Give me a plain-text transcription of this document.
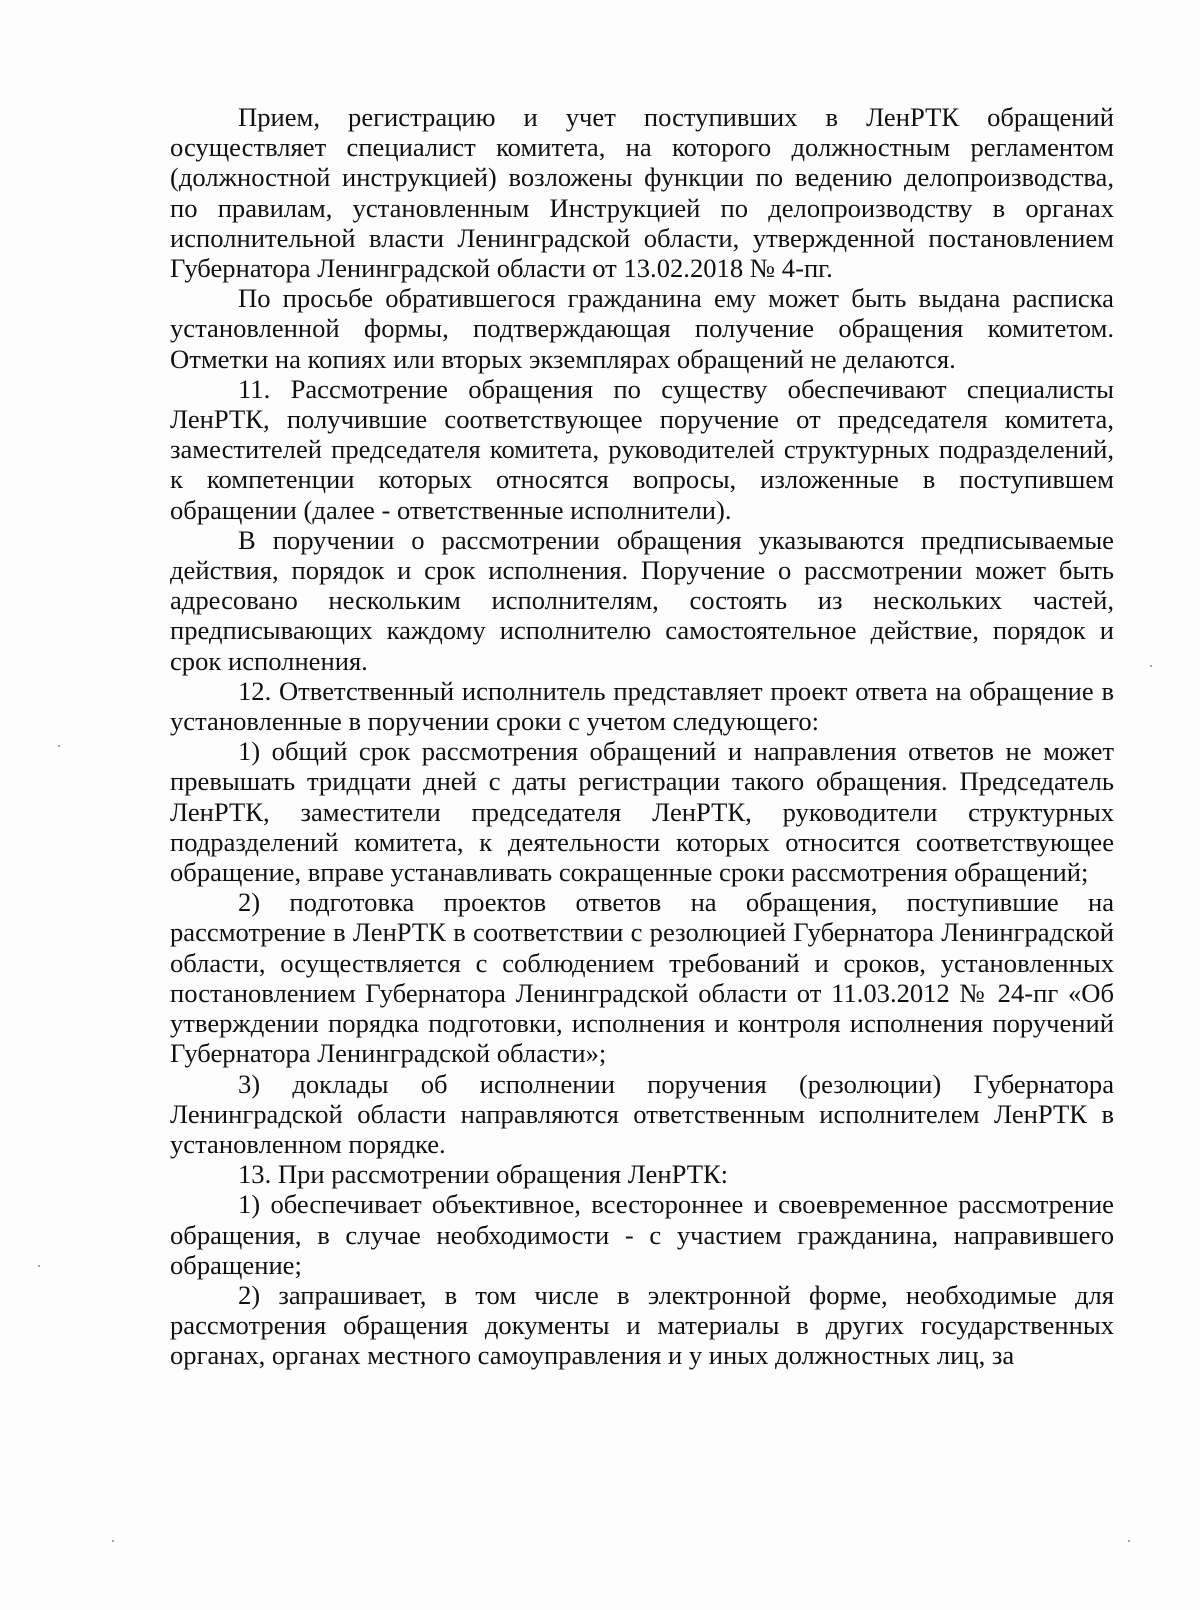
Прием, регистрацию и учет поступивших в ЛенРТК обращений осуществляет специалист комитета, на которого должностным регламентом (должностной инструкцией) возложены функции по ведению делопроизводства, по правилам, установленным Инструкцией по делопроизводству в органах исполнительной власти Ленинградской области, утвержденной постановлением Губернатора Ленинградской области от 13.02.2018 № 4-пг.

По просьбе обратившегося гражданина ему может быть выдана расписка установленной формы, подтверждающая получение обращения комитетом. Отметки на копиях или вторых экземплярах обращений не делаются.

11. Рассмотрение обращения по существу обеспечивают специалисты ЛенРТК, получившие соответствующее поручение от председателя комитета, заместителей председателя комитета, руководителей структурных подразделений, к компетенции которых относятся вопросы, изложенные в поступившем обращении (далее - ответственные исполнители).

В поручении о рассмотрении обращения указываются предписываемые действия, порядок и срок исполнения. Поручение о рассмотрении может быть адресовано нескольким исполнителям, состоять из нескольких частей, предписывающих каждому исполнителю самостоятельное действие, порядок и срок исполнения.

12. Ответственный исполнитель представляет проект ответа на обращение в установленные в поручении сроки с учетом следующего:

1) общий срок рассмотрения обращений и направления ответов не может превышать тридцати дней с даты регистрации такого обращения. Председатель ЛенРТК, заместители председателя ЛенРТК, руководители структурных подразделений комитета, к деятельности которых относится соответствующее обращение, вправе устанавливать сокращенные сроки рассмотрения обращений;

2) подготовка проектов ответов на обращения, поступившие на рассмотрение в ЛенРТК в соответствии с резолюцией Губернатора Ленинградской области, осуществляется с соблюдением требований и сроков, установленных постановлением Губернатора Ленинградской области от 11.03.2012 № 24-пг «Об утверждении порядка подготовки, исполнения и контроля исполнения поручений Губернатора Ленинградской области»;

3) доклады об исполнении поручения (резолюции) Губернатора Ленинградской области направляются ответственным исполнителем ЛенРТК в установленном порядке.

13. При рассмотрении обращения ЛенРТК:

1) обеспечивает объективное, всестороннее и своевременное рассмотрение обращения, в случае необходимости - с участием гражданина, направившего обращение;

2) запрашивает, в том числе в электронной форме, необходимые для рассмотрения обращения документы и материалы в других государственных органах, органах местного самоуправления и у иных должностных лиц, за
